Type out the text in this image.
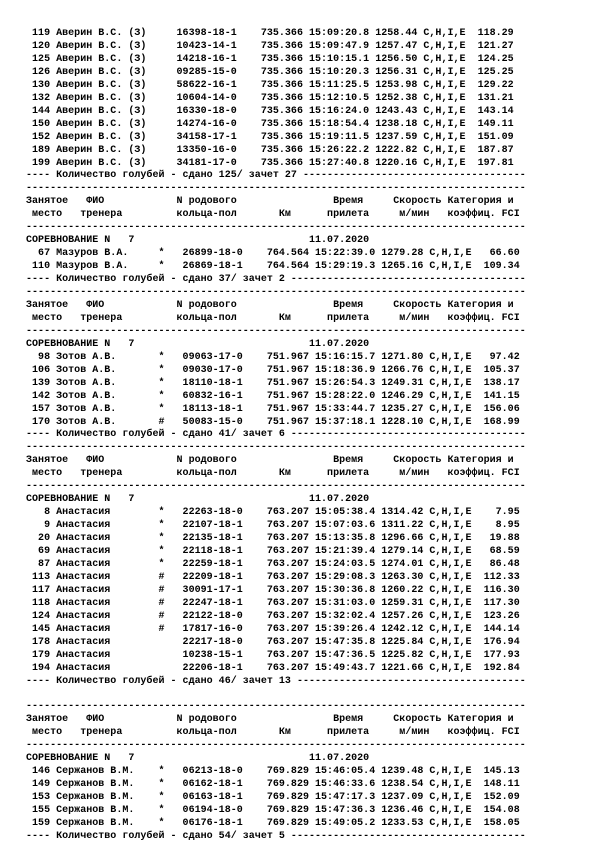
119 Аверин В.С. (З)     16398-18-1    735.366 15:09:20.8 1258.44 C,H,I,E  118.29
120 Аверин В.С. (З)     10423-14-1    735.366 15:09:47.9 1257.47 C,H,I,E  121.27
125 Аверин В.С. (З)     14218-16-1    735.366 15:10:15.1 1256.50 C,H,I,E  124.25
126 Аверин В.С. (З)     09285-15-0    735.366 15:10:20.3 1256.31 C,H,I,E  125.25
130 Аверин В.С. (З)     58622-16-1    735.366 15:11:25.5 1253.98 C,H,I,E  129.22
132 Аверин В.С. (З)     10604-14-0    735.366 15:12:10.5 1252.38 C,H,I,E  131.21
144 Аверин В.С. (З)     16330-18-0    735.366 15:16:24.0 1243.43 C,H,I,E  143.14
150 Аверин В.С. (З)     14274-16-0    735.366 15:18:54.4 1238.18 C,H,I,E  149.11
152 Аверин В.С. (З)     34158-17-1    735.366 15:19:11.5 1237.59 C,H,I,E  151.09
189 Аверин В.С. (З)     13350-16-0    735.366 15:26:22.2 1222.82 C,H,I,E  187.87
199 Аверин В.С. (З)     34181-17-0    735.366 15:27:40.8 1220.16 C,H,I,E  197.81
---- Количество голубей - сдано 125/ зачет 27 -------------------------------------
-----------------------------------------------------------------------------------
Занятое   ФИО            N родового                Время     Скорость Категория и
место   тренера         кольца-пол       Км      прилета     м/мин   коэффиц. FCI
-----------------------------------------------------------------------------------
СОРЕВНОВАНИЕ N   7                             11.07.2020
67 Мазуров В.А.     *   26899-18-0    764.564 15:22:39.0 1279.28 C,H,I,E   66.60
110 Мазуров В.А.     *   26869-18-1    764.564 15:29:19.3 1265.16 C,H,I,E  109.34
---- Количество голубей - сдано 37/ зачет 2 ---------------------------------------
-----------------------------------------------------------------------------------
Занятое   ФИО            N родового                Время     Скорость Категория и
место   тренера         кольца-пол       Км      прилета     м/мин   коэффиц. FCI
-----------------------------------------------------------------------------------
СОРЕВНОВАНИЕ N   7                             11.07.2020
98 Зотов А.В.       *   09063-17-0    751.967 15:16:15.7 1271.80 C,H,I,E   97.42
106 Зотов А.В.       *   09030-17-0    751.967 15:18:36.9 1266.76 C,H,I,E  105.37
139 Зотов А.В.       *   18110-18-1    751.967 15:26:54.3 1249.31 C,H,I,E  138.17
142 Зотов А.В.       *   60832-16-1    751.967 15:28:22.0 1246.29 C,H,I,E  141.15
157 Зотов А.В.       *   18113-18-1    751.967 15:33:44.7 1235.27 C,H,I,E  156.06
170 Зотов А.В.       #   50083-15-0    751.967 15:37:18.1 1228.10 C,H,I,E  168.99
---- Количество голубей - сдано 41/ зачет 6 ---------------------------------------
-----------------------------------------------------------------------------------
Занятое   ФИО            N родового                Время     Скорость Категория и
место   тренера         кольца-пол       Км      прилета     м/мин   коэффиц. FCI
-----------------------------------------------------------------------------------
СОРЕВНОВАНИЕ N   7                             11.07.2020
8 Анастасия        *   22263-18-0    763.207 15:05:38.4 1314.42 C,H,I,E    7.95
9 Анастасия        *   22107-18-1    763.207 15:07:03.6 1311.22 C,H,I,E    8.95
20 Анастасия        *   22135-18-1    763.207 15:13:35.8 1296.66 C,H,I,E   19.88
69 Анастасия        *   22118-18-1    763.207 15:21:39.4 1279.14 C,H,I,E   68.59
87 Анастасия        *   22259-18-1    763.207 15:24:03.5 1274.01 C,H,I,E   86.48
113 Анастасия        #   22209-18-1    763.207 15:29:08.3 1263.30 C,H,I,E  112.33
117 Анастасия        #   30091-17-1    763.207 15:30:36.8 1260.22 C,H,I,E  116.30
118 Анастасия        #   22247-18-1    763.207 15:31:03.0 1259.31 C,H,I,E  117.30
124 Анастасия        #   22122-18-0    763.207 15:32:02.4 1257.26 C,H,I,E  123.26
145 Анастасия        #   17817-16-0    763.207 15:39:26.4 1242.12 C,H,I,E  144.14
178 Анастасия            22217-18-0    763.207 15:47:35.8 1225.84 C,H,I,E  176.94
179 Анастасия            10238-15-1    763.207 15:47:36.5 1225.82 C,H,I,E  177.93
194 Анастасия            22206-18-1    763.207 15:49:43.7 1221.66 C,H,I,E  192.84
---- Количество голубей - сдано 46/ зачет 13 --------------------------------------
-----------------------------------------------------------------------------------
Занятое   ФИО            N родового                Время     Скорость Категория и
место   тренера         кольца-пол       Км      прилета     м/мин   коэффиц. FCI
-----------------------------------------------------------------------------------
СОРЕВНОВАНИЕ N   7                             11.07.2020
146 Сержанов В.М.    *   06213-18-0    769.829 15:46:05.4 1239.48 C,H,I,E  145.13
149 Сержанов В.М.    *   06162-18-1    769.829 15:46:33.6 1238.54 C,H,I,E  148.11
153 Сержанов В.М.    *   06163-18-1    769.829 15:47:17.3 1237.09 C,H,I,E  152.09
155 Сержанов В.М.    *   06194-18-0    769.829 15:47:36.3 1236.46 C,H,I,E  154.08
159 Сержанов В.М.    *   06176-18-1    769.829 15:49:05.2 1233.53 C,H,I,E  158.05
---- Количество голубей - сдано 54/ зачет 5 ---------------------------------------
